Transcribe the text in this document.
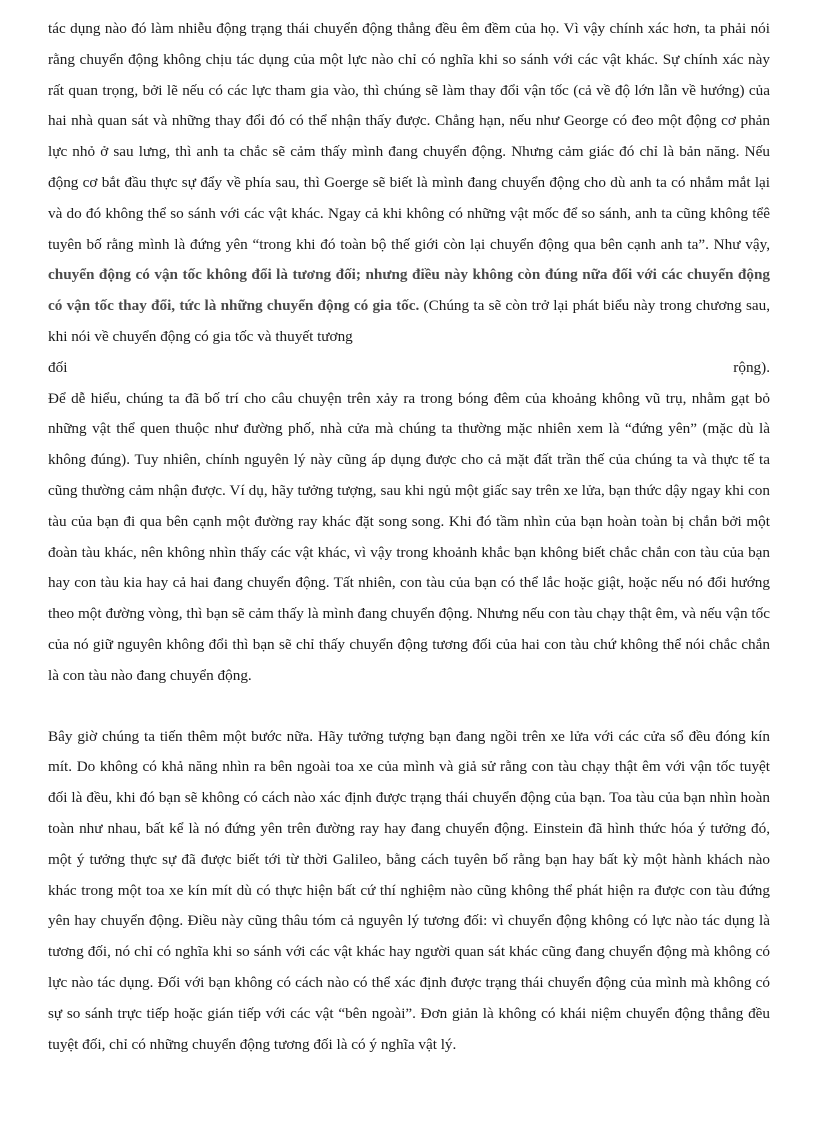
tác dụng nào đó làm nhiễu động trạng thái chuyển động thẳng đều êm đềm của họ. Vì vậy chính xác hơn, ta phải nói rằng chuyển động không chịu tác dụng của một lực nào chỉ có nghĩa khi so sánh với các vật khác. Sự chính xác này rất quan trọng, bởi lẽ nếu có các lực tham gia vào, thì chúng sẽ làm thay đổi vận tốc (cả về độ lớn lẫn về hướng) của hai nhà quan sát và những thay đổi đó có thể nhận thấy được. Chẳng hạn, nếu như George có đeo một động cơ phản lực nhỏ ở sau lưng, thì anh ta chắc sẽ cảm thấy mình đang chuyển động. Nhưng cảm giác đó chỉ là bản năng. Nếu động cơ bắt đầu thực sự đẩy về phía sau, thì Goerge sẽ biết là mình đang chuyển động cho dù anh ta có nhắm mắt lại và do đó không thể so sánh với các vật khác. Ngay cả khi không có những vật mốc để so sánh, anh ta cũng không tểê tuyên bố rằng mình là đứng yên “trong khi đó toàn bộ thế giới còn lại chuyển động qua bên cạnh anh ta”. Như vậy, chuyển động có vận tốc không đổi là tương đối; nhưng điều này không còn đúng nữa đối với các chuyển động có vận tốc thay đổi, tức là những chuyển động có gia tốc. (Chúng ta sẽ còn trở lại phát biểu này trong chương sau, khi nói về chuyển động có gia tốc và thuyết tương

đối	rộng).

Để dễ hiểu, chúng ta đã bố trí cho câu chuyện trên xảy ra trong bóng đêm của khoảng không vũ trụ, nhằm gạt bỏ những vật thể quen thuộc như đường phố, nhà cửa mà chúng ta thường mặc nhiên xem là “đứng yên” (mặc dù là không đúng). Tuy nhiên, chính nguyên lý này cũng áp dụng được cho cả mặt đất trần thế của chúng ta và thực tế ta cũng thường cảm nhận được. Ví dụ, hãy tưởng tượng, sau khi ngủ một giấc say trên xe lửa, bạn thức dậy ngay khi con tàu của bạn đi qua bên cạnh một đường ray khác đặt song song. Khi đó tầm nhìn của bạn hoàn toàn bị chắn bởi một đoàn tàu khác, nên không nhìn thấy các vật khác, vì vậy trong khoảnh khắc bạn không biết chắc chắn con tàu của bạn hay con tàu kia hay cả hai đang chuyển động. Tất nhiên, con tàu của bạn có thể lắc hoặc giật, hoặc nếu nó đổi hướng theo một đường vòng, thì bạn sẽ cảm thấy là mình đang chuyển động. Nhưng nếu con tàu chạy thật êm, và nếu vận tốc của nó giữ nguyên không đổi thì bạn sẽ chỉ thấy chuyển động tương đối của hai con tàu chứ không thể nói chắc chắn là con tàu nào đang chuyển động.

Bây giờ chúng ta tiến thêm một bước nữa. Hãy tưởng tượng bạn đang ngồi trên xe lửa với các cửa sổ đều đóng kín mít. Do không có khả năng nhìn ra bên ngoài toa xe của mình và giả sử rằng con tàu chạy thật êm với vận tốc tuyệt đối là đều, khi đó bạn sẽ không có cách nào xác định được trạng thái chuyển động của bạn. Toa tàu của bạn nhìn hoàn toàn như nhau, bất kể là nó đứng yên trên đường ray hay đang chuyển động. Einstein đã hình thức hóa ý tưởng đó, một ý tưởng thực sự đã được biết tới từ thời Galileo, bằng cách tuyên bố rằng bạn hay bất kỳ một hành khách nào khác trong một toa xe kín mít dù có thực hiện bất cứ thí nghiệm nào cũng không thể phát hiện ra được con tàu đứng yên hay chuyển động. Điều này cũng thâu tóm cả nguyên lý tương đối: vì chuyển động không có lực nào tác dụng là tương đối, nó chỉ có nghĩa khi so sánh với các vật khác hay người quan sát khác cũng đang chuyển động mà không có lực nào tác dụng. Đối với bạn không có cách nào có thể xác định được trạng thái chuyển động của mình mà không có sự so sánh trực tiếp hoặc gián tiếp với các vật “bên ngoài”. Đơn giản là không có khái niệm chuyển động thẳng đều tuyệt đối, chỉ có những chuyển động tương đối là có ý nghĩa vật lý.
